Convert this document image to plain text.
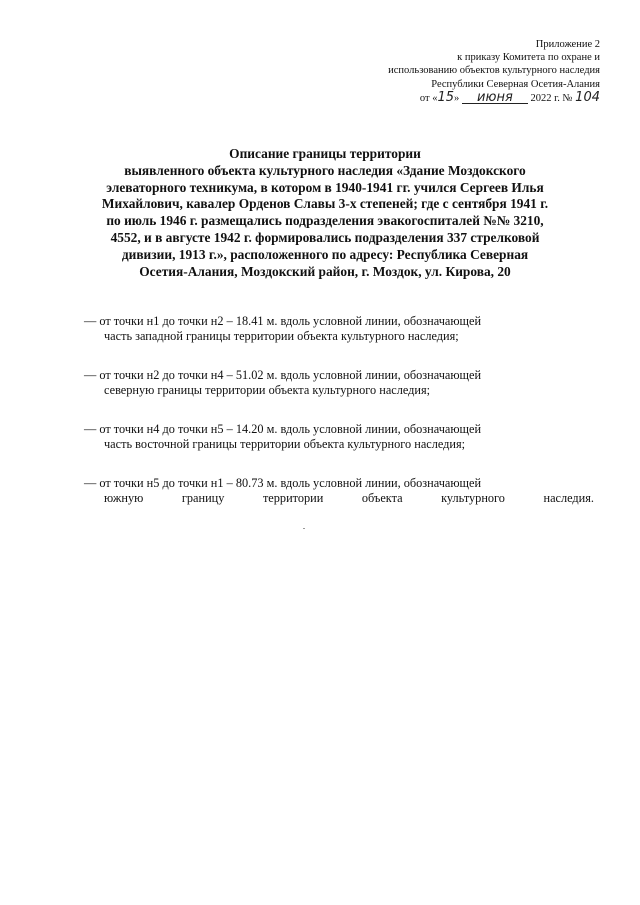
Приложение 2
к приказу Комитета по охране и
использованию объектов культурного наследия
Республики Северная Осетия-Алания
от «15» июня 2022 г. № 104
Описание границы территории
выявленного объекта культурного наследия «Здание Моздокского
элеваторного техникума, в котором в 1940-1941 гг. учился Сергеев Илья
Михайлович, кавалер Орденов Славы 3-х степеней; где с сентября 1941 г.
по июль 1946 г. размещались подразделения эвакогоспиталей №№ 3210,
4552, и в августе 1942 г. формировались подразделения 337 стрелковой
дивизии, 1913 г.», расположенного по адресу: Республика Северная
Осетия-Алания, Моздокский район, г. Моздок, ул. Кирова, 20
— от точки н1 до точки н2 – 18.41 м. вдоль условной линии, обозначающей
часть западной границы территории объекта культурного наследия;
— от точки н2 до точки н4 – 51.02 м. вдоль условной линии, обозначающей
северную границы территории объекта культурного наследия;
— от точки н4 до точки н5 – 14.20 м. вдоль условной линии, обозначающей
часть восточной границы территории объекта культурного наследия;
— от точки н5 до точки н1 – 80.73 м. вдоль условной линии, обозначающей
южную границу территории объекта культурного наследия.
